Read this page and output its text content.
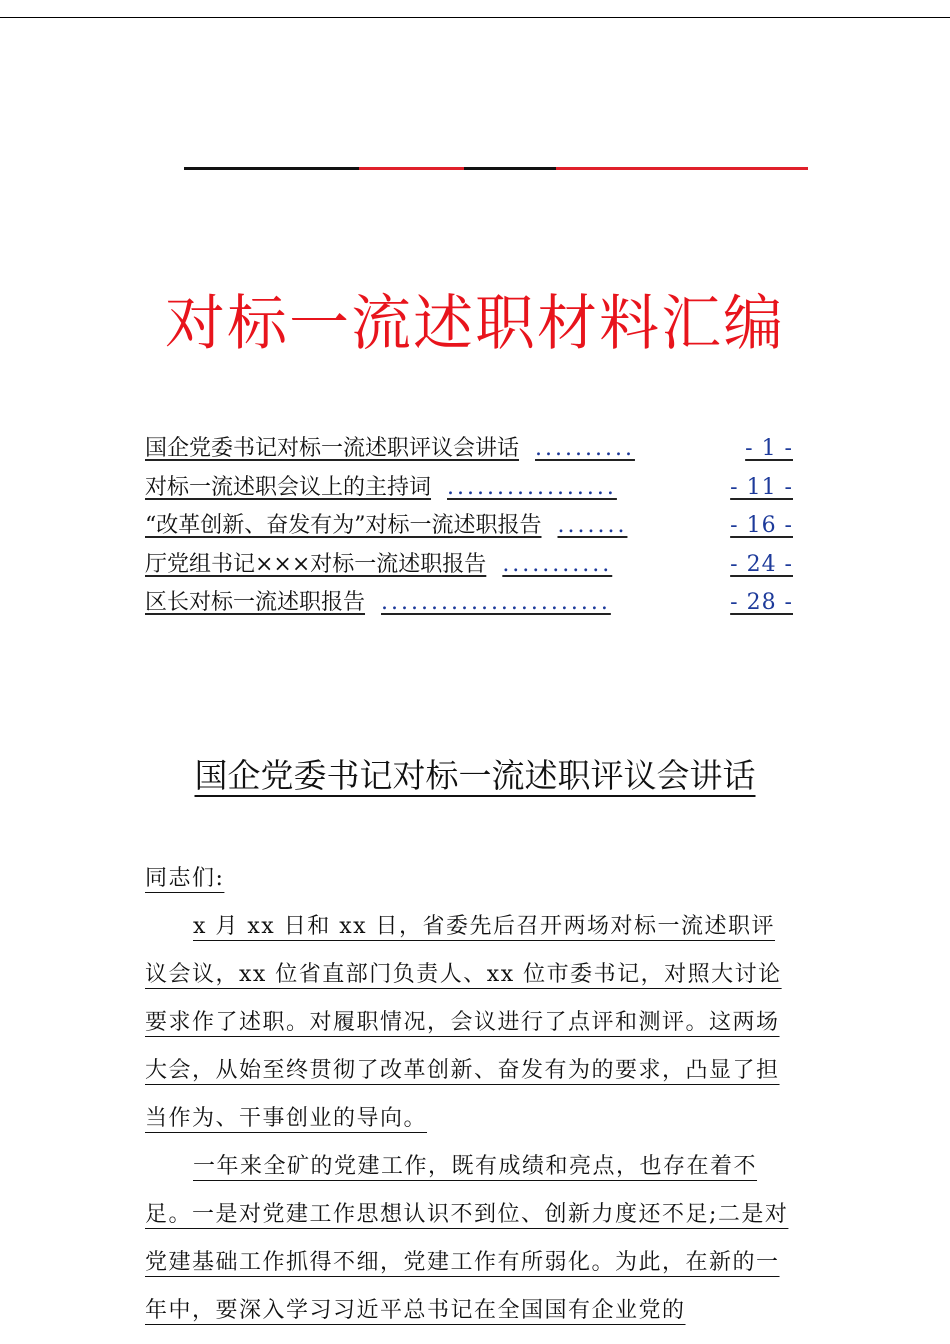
对标一流述职材料汇编
国企党委书记对标一流述职评议会讲话 ..........	- 1 -
对标一流述职会议上的主持词 .................	- 11 -
“改革创新、奋发有为”对标一流述职报告 .......	- 16 -
厅党组书记×××对标一流述职报告 ...........	- 24 -
区长对标一流述职报告 .......................	- 28 -
国企党委书记对标一流述职评议会讲话

同志们:

x 月 xx 日和 xx 日，省委先后召开两场对标一流述职评议会议，xx 位省直部门负责人、xx 位市委书记，对照大讨论要求作了述职。对履职情况，会议进行了点评和测评。这两场大会，从始至终贯彻了改革创新、奋发有为的要求，凸显了担当作为、干事创业的导向。

一年来全矿的党建工作，既有成绩和亮点，也存在着不足。一是对党建工作思想认识不到位、创新力度还不足;二是对党建基础工作抓得不细，党建工作有所弱化。为此，在新的一年中，要深入学习习近平总书记在全国国有企业党的
